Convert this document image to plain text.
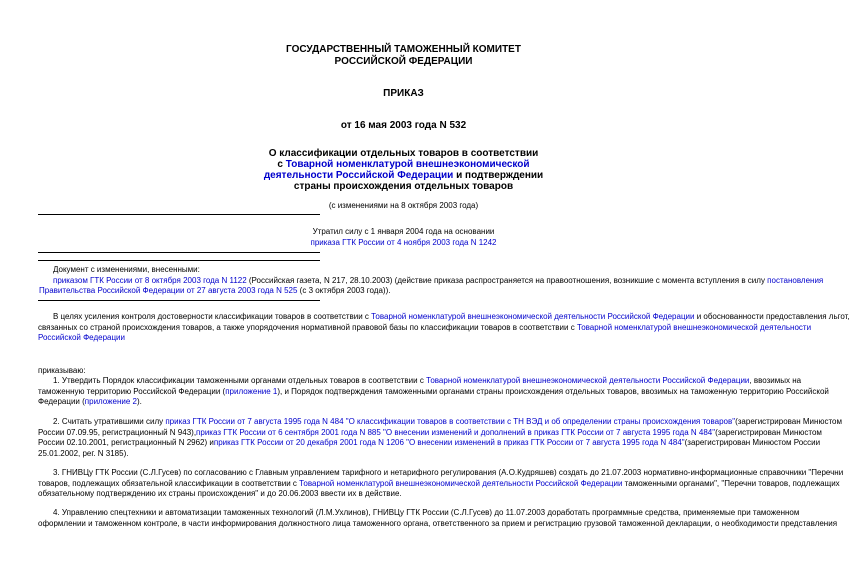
ГОСУДАРСТВЕННЫЙ ТАМОЖЕННЫЙ КОМИТЕТ
РОССИЙСКОЙ ФЕДЕРАЦИИ
ПРИКАЗ
от 16 мая 2003 года N 532
О классификации отдельных товаров в соответствии
с Товарной номенклатурой внешнеэкономической
деятельности Российской Федерации и подтверждении
страны происхождения отдельных товаров
(с изменениями на 8 октября 2003 года)
Утратил силу с 1 января 2004 года на основании
приказа ГТК России от 4 ноября 2003 года N 1242
Документ с изменениями, внесенными:
приказом ГТК России от 8 октября 2003 года N 1122 (Российская газета, N 217, 28.10.2003) (действие приказа распространяется на правоотношения, возникшие с момента вступления в силу постановления
Правительства Российской Федерации от 27 августа 2003 года N 525 (с 3 октября 2003 года)).
В целях усиления контроля достоверности классификации товаров в соответствии с Товарной номенклатурой внешнеэкономической деятельности Российской Федерации и обоснованности предоставления льгот,
связанных со страной происхождения товаров, а также упорядочения нормативной правовой базы по классификации товаров в соответствии с Товарной номенклатурой внешнеэкономической деятельности
Российской Федерации
приказываю:
1. Утвердить Порядок классификации таможенными органами отдельных товаров в соответствии с Товарной номенклатурой внешнеэкономической деятельности Российской Федерации, ввозимых на
таможенную территорию Российской Федерации (приложение 1), и Порядок подтверждения таможенными органами страны происхождения отдельных товаров, ввозимых на таможенную территорию Российской
Федерации (приложение 2).
2. Считать утратившими силу приказ ГТК России от 7 августа 1995 года N 484 "О классификации товаров в соответствии с ТН ВЭД и об определении страны происхождения товаров"(зарегистрирован Минюстом
России 07.09.95, регистрационный N 943),приказ ГТК России от 6 сентября 2001 года N 885 "О внесении изменений и дополнений в приказ ГТК России от 7 августа 1995 года N 484"(зарегистрирован Минюстом
России 02.10.2001, регистрационный N 2962) иприказ ГТК России от 20 декабря 2001 года N 1206 "О внесении изменений в приказ ГТК России от 7 августа 1995 года N 484"(зарегистрирован Минюстом России
25.01.2002, рег. N 3185).
3. ГНИВЦу ГТК России (С.Л.Гусев) по согласованию с Главным управлением тарифного и нетарифного регулирования (А.О.Кудряшев) создать до 21.07.2003 нормативно-информационные справочники "Перечни
товаров, подлежащих обязательной классификации в соответствии с Товарной номенклатурой внешнеэкономической деятельности Российской Федерации таможенными органами", "Перечни товаров, подлежащих
обязательному подтверждению их страны происхождения" и до 20.06.2003 ввести их в действие.
4. Управлению спецтехники и автоматизации таможенных технологий (Л.М.Ухлинов), ГНИВЦу ГТК России (С.Л.Гусев) до 11.07.2003 доработать программные средства, применяемые при таможенном
оформлении и таможенном контроле, в части информирования должностного лица таможенного органа, ответственного за прием и регистрацию грузовой таможенной декларации, о необходимости представления
